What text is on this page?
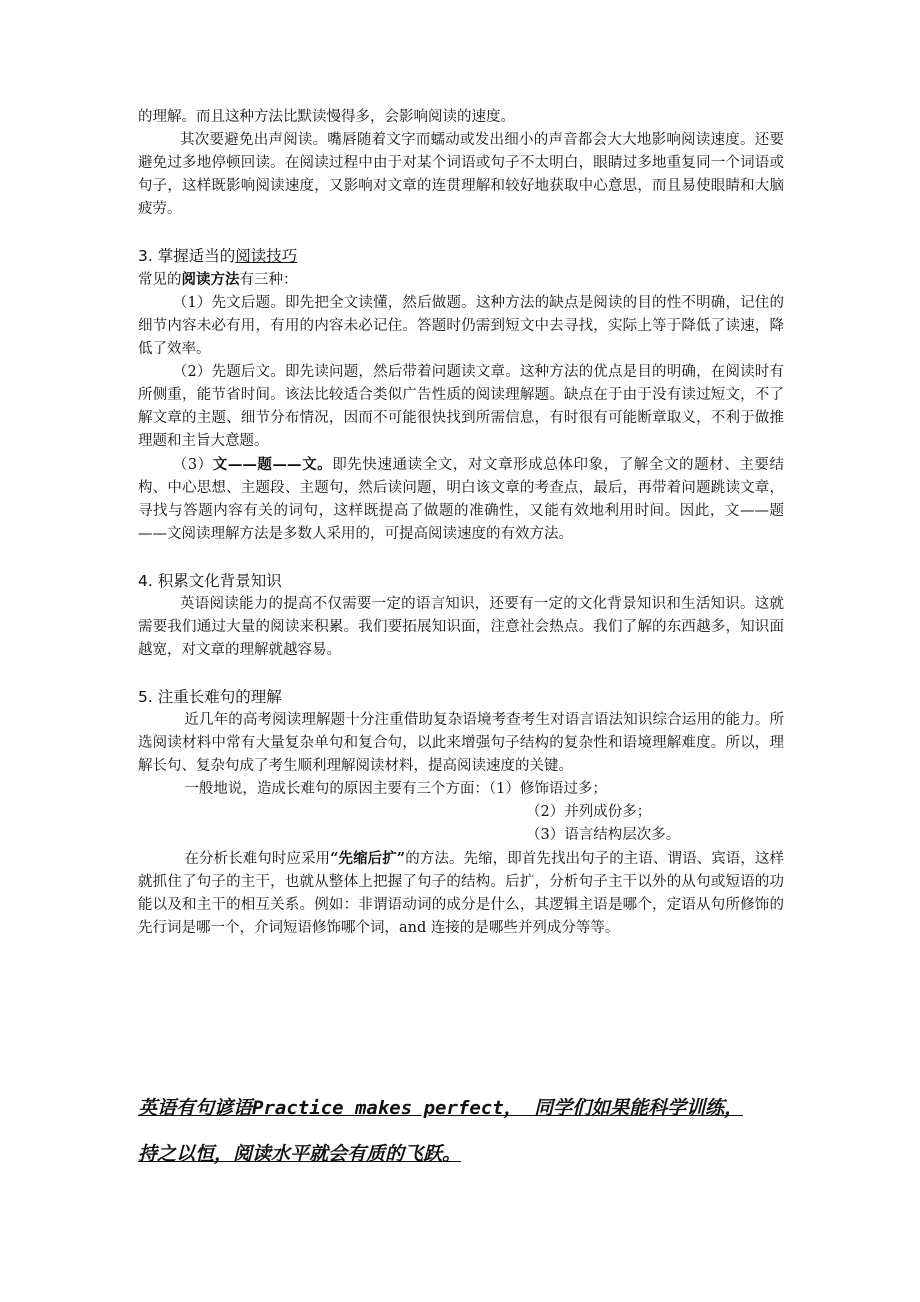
的理解。而且这种方法比默读慢得多，会影响阅读的速度。

其次要避免出声阅读。嘴唇随着文字而蠕动或发出细小的声音都会大大地影响阅读速度。还要避免过多地停顿回读。在阅读过程中由于对某个词语或句子不太明白，眼睛过多地重复同一个词语或句子，这样既影响阅读速度，又影响对文章的连贯理解和较好地获取中心意思，而且易使眼睛和大脑疲劳。

3. 掌握适当的阅读技巧

常见的阅读方法有三种：

（1）先文后题。即先把全文读懂，然后做题。这种方法的缺点是阅读的目的性不明确，记住的细节内容未必有用，有用的内容未必记住。答题时仍需到短文中去寻找，实际上等于降低了读速，降低了效率。

（2）先题后文。即先读问题，然后带着问题读文章。这种方法的优点是目的明确，在阅读时有所侧重，能节省时间。该法比较适合类似广告性质的阅读理解题。缺点在于由于没有读过短文，不了解文章的主题、细节分布情况，因而不可能很快找到所需信息，有时很有可能断章取义，不利于做推理题和主旨大意题。

（3）文——题——文。即先快速通读全文，对文章形成总体印象，了解全文的题材、主要结构、中心思想、主题段、主题句，然后读问题，明白该文章的考查点，最后，再带着问题跳读文章，寻找与答题内容有关的词句，这样既提高了做题的准确性，又能有效地利用时间。因此，文——题——文阅读理解方法是多数人采用的，可提高阅读速度的有效方法。

4. 积累文化背景知识

英语阅读能力的提高不仅需要一定的语言知识，还要有一定的文化背景知识和生活知识。这就需要我们通过大量的阅读来积累。我们要拓展知识面，注意社会热点。我们了解的东西越多，知识面越宽，对文章的理解就越容易。

5. 注重长难句的理解

近几年的高考阅读理解题十分注重借助复杂语境考查考生对语言语法知识综合运用的能力。所选阅读材料中常有大量复杂单句和复合句，以此来增强句子结构的复杂性和语境理解难度。所以，理解长句、复杂句成了考生顺利理解阅读材料，提高阅读速度的关键。

一般地说，造成长难句的原因主要有三个方面：（1）修饰语过多；

（2）并列成份多；

（3）语言结构层次多。

在分析长难句时应采用“先缩后扩”的方法。先缩，即首先找出句子的主语、谓语、宾语，这样就抓住了句子的主干，也就从整体上把握了句子的结构。后扩，分析句子主干以外的从句或短语的功能以及和主干的相互关系。例如：非谓语动词的成分是什么，其逻辑主语是哪个，定语从句所修饰的先行词是哪一个，介词短语修饰哪个词，and 连接的是哪些并列成分等等。

英语有句谚语Practice makes perfect， 同学们如果能科学训练，
持之以恒，阅读水平就会有质的飞跃。
